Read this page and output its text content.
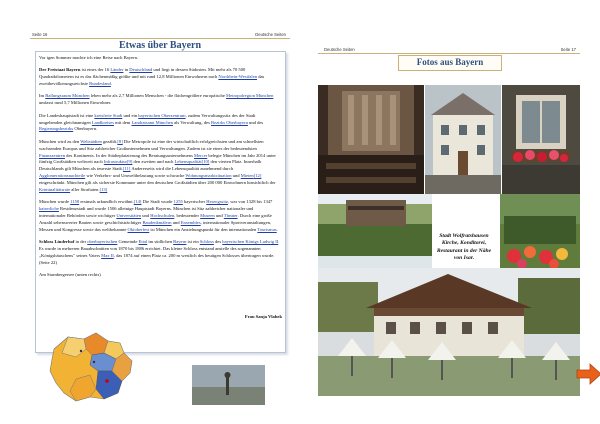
Seite 16	Deutsche Seiten
Etwas über Bayern

Vor igen Sommer machte ich eine Reise nach Bayern.

Der Freistaat Bayern ist eines der 16 Länder in Deutschland und liegt in dessen Südosten. Mit mehr als 70 500 Quadratkilometern ist es das flächenmäßig größte und mit rund 12,8 Millionen Einwohnern nach Nordrhein-Westfalen das zweitbevölkerungsreichste Bundesland.

Im Ballungsraum München leben mehr als 2,7 Millionen Menschen - die flächengrößere europäische Metropolregion München umfasst rund 5,7 Millionen Einwohner.

Die Landeshauptstadt ist eine kreisfreie Stadt und ein bayerischen Oberzentrum, zudem Verwaltungssitz des der Stadt umgebenden gleichnamigen Landkreises mit dem Landratsamt München als Verwaltung, des Bezirks Oberbayern und des Regierungsbezirks Oberbayern.

München wird zu den Weltstädten gezählt.[8] Die Metropole ist eine der wirtschaftlich erfolgreichsten und am schnellsten wachsenden Europas und Sitz zahlreicher Großunternehmen und Verwaltungen. Zudem ist sie eines der bedeutendsten Finanzzentren des Kontinents. In der Städteplatzierung des Beratungsunternehmens Mercer belegte München im Jahr 2014 unter fünfzig Großstädten weltweit nach Infrastruktur[9] den zweiten und nach Lebensqualität[10] den vierten Platz. Innerhalb Deutschlands gilt München als teuerste Stadt.[11] Andererseits wird die Lebensqualität zunehmend durch Agglomerationsnachteile wie Verkehrs- und Umweltbelastung sowie schwache Wohnungsmarktsituation und Mieten[12] eingeschränkt. München gilt als sicherste Kommune unter den deutschen Großstädten über 200 000 Einwohnern hinsichtlich der Kriminalitätsrate aller Straftaten.[13]

München wurde 1158 erstmals urkundlich erwähnt.[14] Die Stadt wurde 1255 bayerischer Herzogssitz, war von 1328 bis 1347 kaiserliche Residenzstadt und wurde 1506 alleinige Hauptstadt Bayerns. München ist Sitz zahlreicher nationaler und internationaler Behörden sowie wichtiger Universitäten und Hochschulen, bedeutender Museen und Theater. Durch eine große Anzahl sehenswerter Bauten sowie geschichtsträchtiger Baudenkmälern und Ensembles, internationaler Sportveranstaltungen, Messen und Kongresse sowie das weltbekannte Oktoberfest ist München ein Anziehungspunkt für den internationalen Tourismus.

Schloss Linderhof in der oberbayerischen Gemeinde Ettal im südlichen Bayern ist ein Schloss des bayerischen Königs Ludwig II. Es wurde in mehreren Bauabschnitten von 1870 bis 1886 errichtet. Das kleine Schloss entstand anstelle des sogenannten „Königshäuschens" seines Vaters Max II, das 1874 auf einen Platz ca. 200 m westlich des heutigen Schlosses übertragen wurde. (Seite 22)

Am Starnbergersee (unten rechts)

Frau Sanja Vlahek
Deutsche Seiten	Seite 17
Fotos aus Bayern
Stadt Wolfratshausen Kirche, Konditorei, Restaurant in der Nähe von Isar.
